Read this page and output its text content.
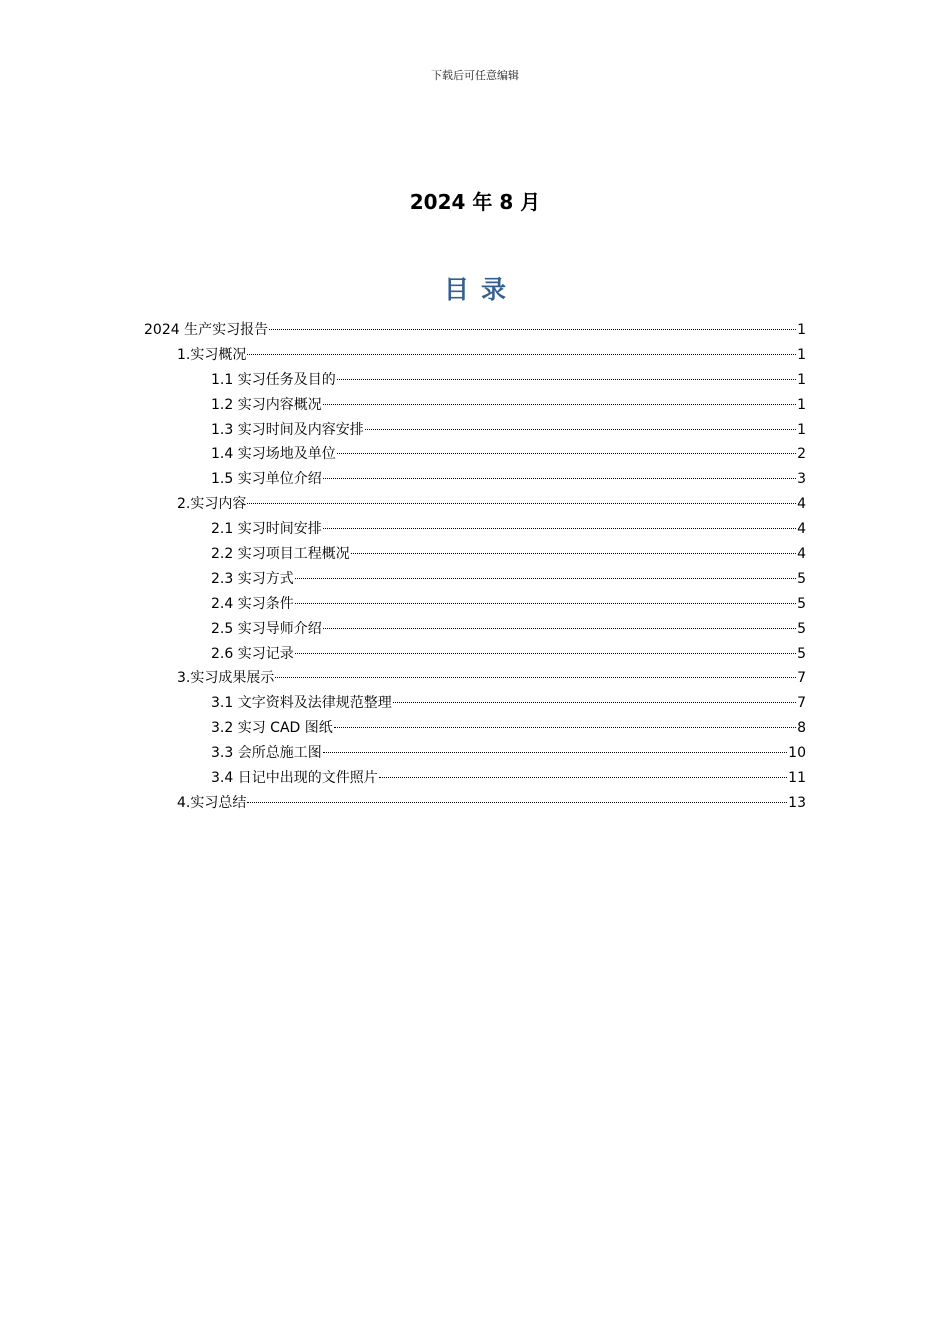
下载后可任意编辑
2024 年 8 月
目录
2024 生产实习报告	1
1.实习概况	1
1.1 实习任务及目的	1
1.2 实习内容概况	1
1.3 实习时间及内容安排	1
1.4 实习场地及单位	2
1.5 实习单位介绍	3
2.实习内容	4
2.1 实习时间安排	4
2.2 实习项目工程概况	4
2.3 实习方式	5
2.4 实习条件	5
2.5 实习导师介绍	5
2.6 实习记录	5
3.实习成果展示	7
3.1 文字资料及法律规范整理	7
3.2 实习 CAD 图纸	8
3.3 会所总施工图	10
3.4 日记中出现的文件照片	11
4.实习总结	13
